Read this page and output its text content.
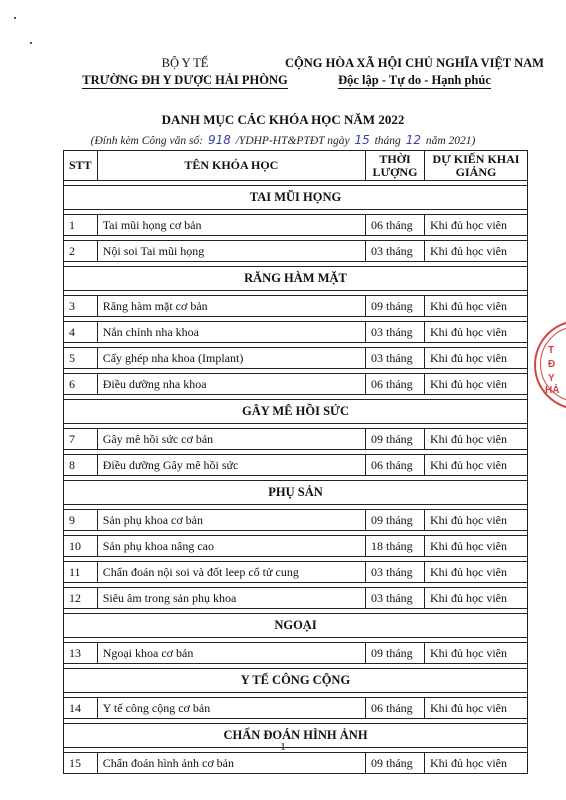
BỘ Y TẾ
TRƯỜNG ĐH Y DƯỢC HẢI PHÒNG
CỘNG HÒA XÃ HỘI CHỦ NGHĨA VIỆT NAM
Độc lập - Tự do - Hạnh phúc
DANH MỤC CÁC KHÓA HỌC NĂM 2022
(Đính kèm Công văn số: 918 /YDHP-HT&PTĐT ngày 15 tháng 12 năm 2021)
STT	TÊN KHÓA HỌC	THỜI LƯỢNG	DỰ KIẾN KHAI GIẢNG

TAI MŨI HỌNG			

1	Tai mũi họng cơ bản	06 tháng	Khi đủ học viên

2	Nội soi Tai mũi họng	03 tháng	Khi đủ học viên

RĂNG HÀM MẶT			

3	Răng hàm mặt cơ bản	09 tháng	Khi đủ học viên

4	Nắn chỉnh nha khoa	03 tháng	Khi đủ học viên

5	Cấy ghép nha khoa (Implant)	03 tháng	Khi đủ học viên

6	Điều dưỡng nha khoa	06 tháng	Khi đủ học viên

GÂY MÊ HỒI SỨC			

7	Gây mê hồi sức cơ bản	09 tháng	Khi đủ học viên

8	Điều dưỡng Gây mê hồi sức	06 tháng	Khi đủ học viên

PHỤ SẢN			

9	Sản phụ khoa cơ bản	09 tháng	Khi đủ học viên

10	Sản phụ khoa nâng cao	18 tháng	Khi đủ học viên

11	Chẩn đoán nội soi và đốt leep cổ tử cung	03 tháng	Khi đủ học viên

12	Siêu âm trong sản phụ khoa	03 tháng	Khi đủ học viên

NGOẠI			

13	Ngoại khoa cơ bản	09 tháng	Khi đủ học viên

Y TẾ CÔNG CỘNG			

14	Y tế công cộng cơ bản	06 tháng	Khi đủ học viên

CHẨN ĐOÁN HÌNH ẢNH			

15	Chẩn đoán hình ảnh cơ bản	09 tháng	Khi đủ học viên
T
Đ
Y
HẢ
1
